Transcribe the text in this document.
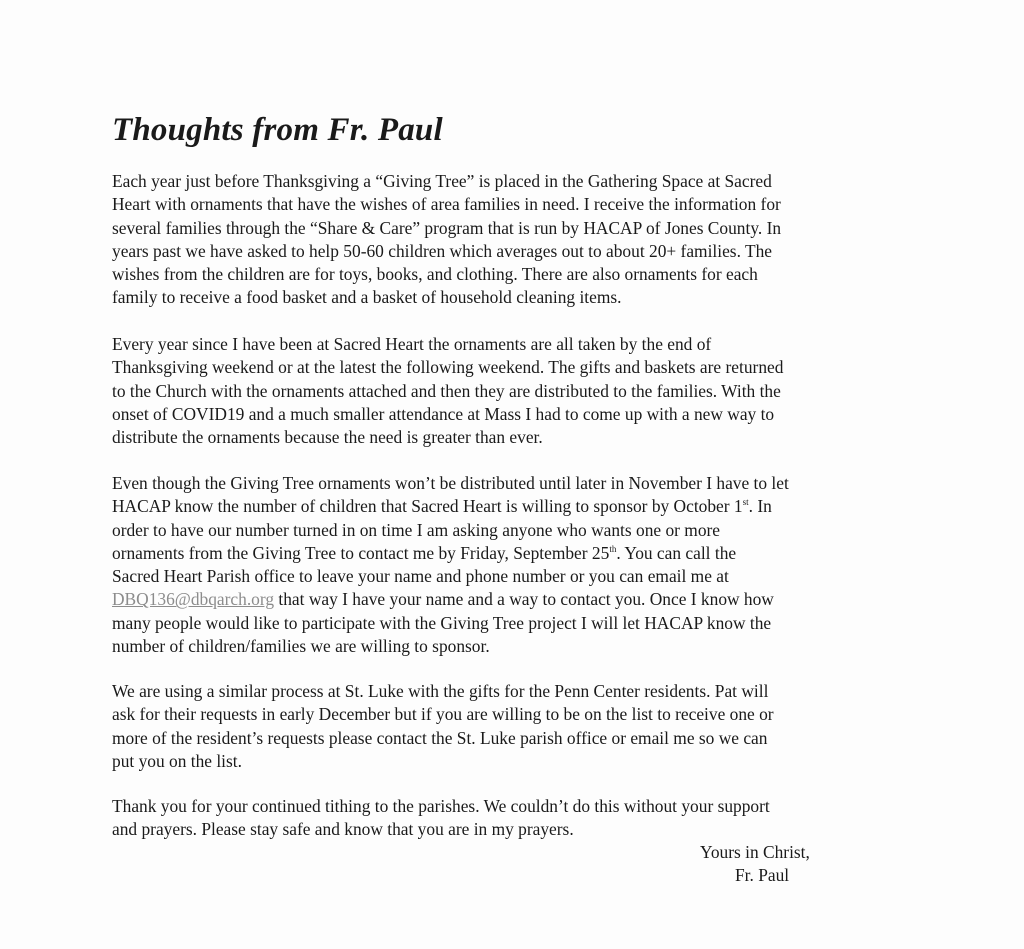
Thoughts from Fr. Paul

Each year just before Thanksgiving a “Giving Tree” is placed in the Gathering Space at Sacred
Heart with ornaments that have the wishes of area families in need. I receive the information for
several families through the “Share & Care” program that is run by HACAP of Jones County. In
years past we have asked to help 50-60 children which averages out to about 20+ families. The
wishes from the children are for toys, books, and clothing. There are also ornaments for each
family to receive a food basket and a basket of household cleaning items.

Every year since I have been at Sacred Heart the ornaments are all taken by the end of
Thanksgiving weekend or at the latest the following weekend. The gifts and baskets are returned
to the Church with the ornaments attached and then they are distributed to the families. With the
onset of COVID19 and a much smaller attendance at Mass I had to come up with a new way to
distribute the ornaments because the need is greater than ever.

Even though the Giving Tree ornaments won’t be distributed until later in November I have to let
HACAP know the number of children that Sacred Heart is willing to sponsor by October 1st. In
order to have our number turned in on time I am asking anyone who wants one or more
ornaments from the Giving Tree to contact me by Friday, September 25th. You can call the
Sacred Heart Parish office to leave your name and phone number or you can email me at
DBQ136@dbqarch.org that way I have your name and a way to contact you. Once I know how
many people would like to participate with the Giving Tree project I will let HACAP know the
number of children/families we are willing to sponsor.

We are using a similar process at St. Luke with the gifts for the Penn Center residents. Pat will
ask for their requests in early December but if you are willing to be on the list to receive one or
more of the resident’s requests please contact the St. Luke parish office or email me so we can
put you on the list.

Thank you for your continued tithing to the parishes. We couldn’t do this without your support
and prayers. Please stay safe and know that you are in my prayers.

Yours in Christ,
Fr. Paul
